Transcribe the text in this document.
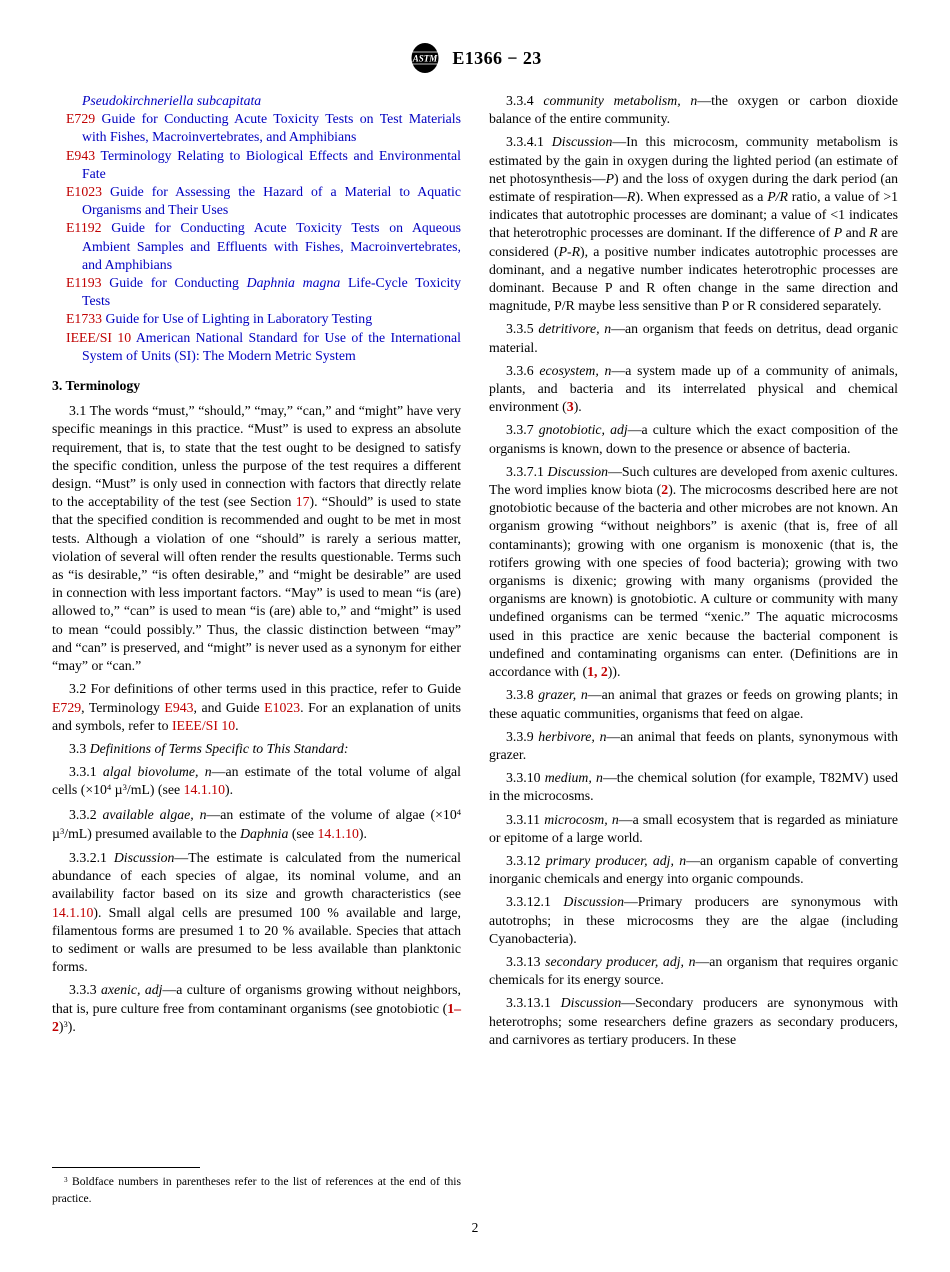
ASTM E1366 − 23

Pseudokirchneriella subcapitata

E729 Guide for Conducting Acute Toxicity Tests on Test Materials with Fishes, Macroinvertebrates, and Amphibians

E943 Terminology Relating to Biological Effects and Environmental Fate

E1023 Guide for Assessing the Hazard of a Material to Aquatic Organisms and Their Uses

E1192 Guide for Conducting Acute Toxicity Tests on Aqueous Ambient Samples and Effluents with Fishes, Macroinvertebrates, and Amphibians

E1193 Guide for Conducting Daphnia magna Life-Cycle Toxicity Tests

E1733 Guide for Use of Lighting in Laboratory Testing

IEEE/SI 10 American National Standard for Use of the International System of Units (SI): The Modern Metric System

3. Terminology

3.1 The words “must,” “should,” “may,” “can,” and “might” have very specific meanings in this practice. “Must” is used to express an absolute requirement, that is, to state that the test ought to be designed to satisfy the specific condition, unless the purpose of the test requires a different design. “Must” is only used in connection with factors that directly relate to the acceptability of the test (see Section 17). “Should” is used to state that the specified condition is recommended and ought to be met in most tests. Although a violation of one “should” is rarely a serious matter, violation of several will often render the results questionable. Terms such as “is desirable,” “is often desirable,” and “might be desirable” are used in connection with less important factors. “May” is used to mean “is (are) allowed to,” “can” is used to mean “is (are) able to,” and “might” is used to mean “could possibly.” Thus, the classic distinction between “may” and “can” is preserved, and “might” is never used as a synonym for either “may” or “can.”

3.2 For definitions of other terms used in this practice, refer to Guide E729, Terminology E943, and Guide E1023. For an explanation of units and symbols, refer to IEEE/SI 10.

3.3 Definitions of Terms Specific to This Standard:

3.3.1 algal biovolume, n—an estimate of the total volume of algal cells ($\times 10^4$ µ$^3$/mL) (see 14.1.10).

3.3.2 available algae, n—an estimate of the volume of algae ($\times 10^4$ µ$^3$/mL) presumed available to the Daphnia (see 14.1.10).

3.3.2.1 Discussion—The estimate is calculated from the numerical abundance of each species of algae, its nominal volume, and an availability factor based on its size and growth characteristics (see 14.1.10). Small algal cells are presumed 100 % available and large, filamentous forms are presumed 1 to 20 % available. Species that attach to sediment or walls are presumed to be less available than planktonic forms.

3.3.3 axenic, adj—a culture of organisms growing without neighbors, that is, pure culture free from contaminant organisms (see gnotobiotic $(1-2)^3$).

3.3.4 community metabolism, n—the oxygen or carbon dioxide balance of the entire community.

3.3.4.1 Discussion—In this microcosm, community metabolism is estimated by the gain in oxygen during the lighted period (an estimate of net photosynthesis—P) and the loss of oxygen during the dark period (an estimate of respiration—R). When expressed as a P/R ratio, a value of >1 indicates that autotrophic processes are dominant; a value of <1 indicates that heterotrophic processes are dominant. If the difference of P and R are considered (P-R), a positive number indicates autotrophic processes are dominant, and a negative number indicates heterotrophic processes are dominant. Because P and R often change in the same direction and magnitude, P/R maybe less sensitive than P or R considered separately.

3.3.5 detritivore, n—an organism that feeds on detritus, dead organic material.

3.3.6 ecosystem, n—a system made up of a community of animals, plants, and bacteria and its interrelated physical and chemical environment (3).

3.3.7 gnotobiotic, adj—a culture which the exact composition of the organisms is known, down to the presence or absence of bacteria.

3.3.7.1 Discussion—Such cultures are developed from axenic cultures. The word implies know biota (2). The microcosms described here are not gnotobiotic because of the bacteria and other microbes are not known. An organism growing “without neighbors” is axenic (that is, free of all contaminants); growing with one organism is monoxenic (that is, the rotifers growing with one species of food bacteria); growing with two organisms is dixenic; growing with many organisms (provided the organisms are known) is gnotobiotic. A culture or community with many undefined organisms can be termed “xenic.” The aquatic microcosms used in this practice are xenic because the bacterial component is undefined and contaminating organisms can enter. (Definitions are in accordance with (1, 2)).

3.3.8 grazer, n—an animal that grazes or feeds on growing plants; in these aquatic communities, organisms that feed on algae.

3.3.9 herbivore, n—an animal that feeds on plants, synonymous with grazer.

3.3.10 medium, n—the chemical solution (for example, T82MV) used in the microcosms.

3.3.11 microcosm, n—a small ecosystem that is regarded as miniature or epitome of a large world.

3.3.12 primary producer, adj, n—an organism capable of converting inorganic chemicals and energy into organic compounds.

3.3.12.1 Discussion—Primary producers are synonymous with autotrophs; in these microcosms they are the algae (including Cyanobacteria).

3.3.13 secondary producer, adj, n—an organism that requires organic chemicals for its energy source.

3.3.13.1 Discussion—Secondary producers are synonymous with heterotrophs; some researchers define grazers as secondary producers, and carnivores as tertiary producers. In these

$^3$ Boldface numbers in parentheses refer to the list of references at the end of this practice.
2
